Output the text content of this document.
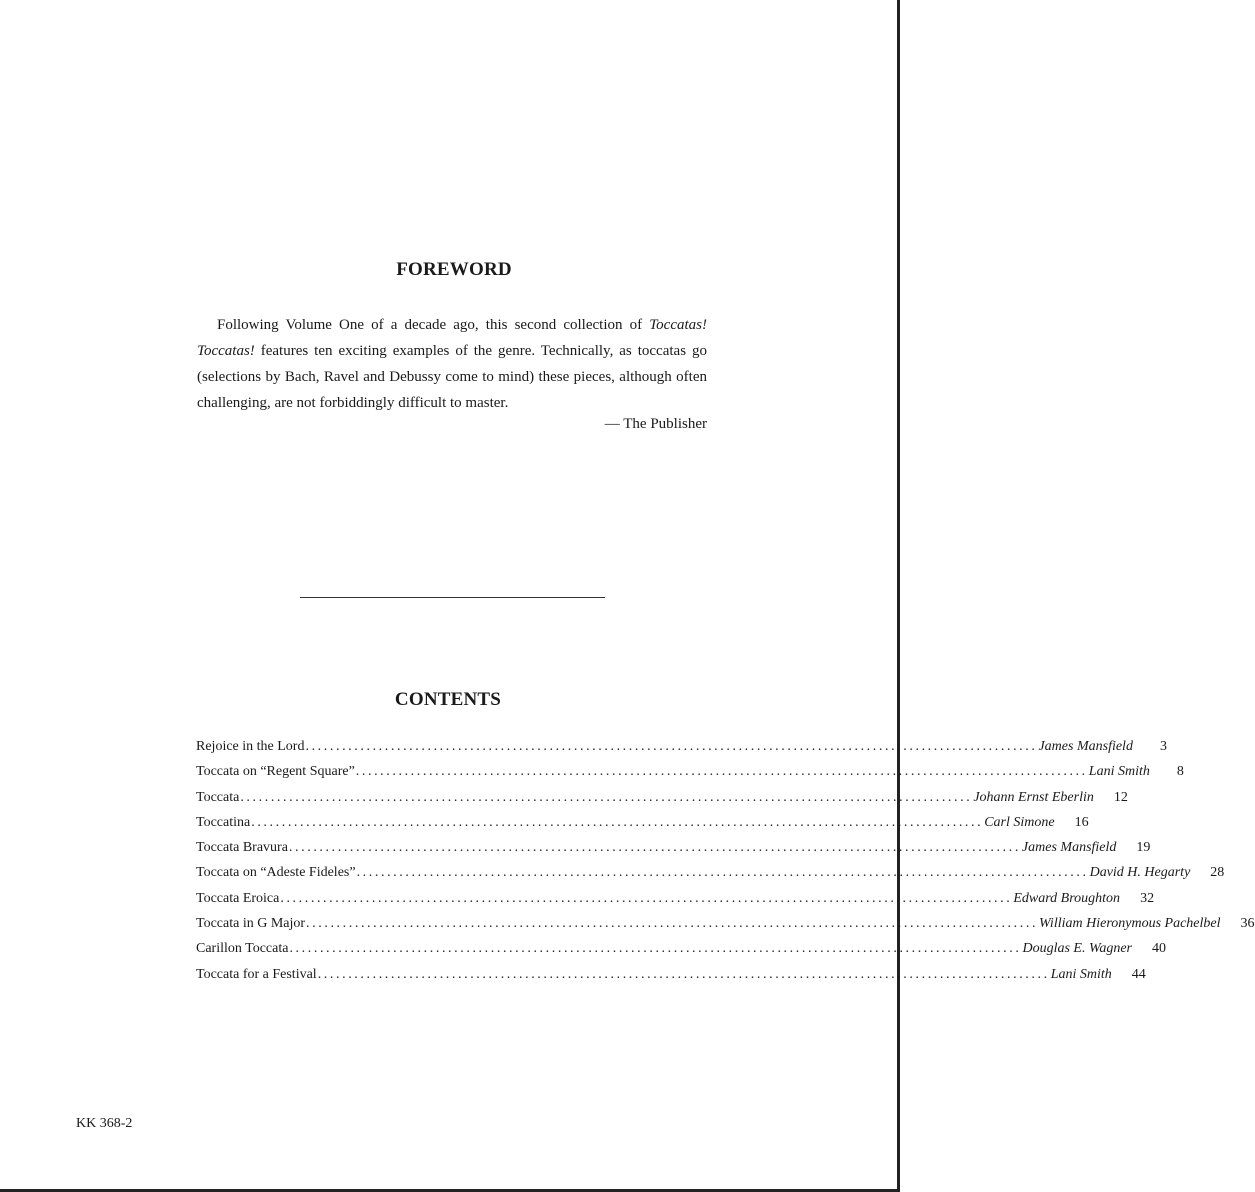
FOREWORD

Following Volume One of a decade ago, this second collection of Toccatas! Toccatas! features ten exciting examples of the genre. Technically, as toccatas go (selections by Bach, Ravel and Debussy come to mind) these pieces, although often challenging, are not forbiddingly difficult to master.

— The Publisher
CONTENTS
Rejoice in the Lord ........................................................................................................................ James Mansfield	3
Toccata on “Regent Square” ........................................................................................................................ Lani Smith	8
Toccata ........................................................................................................................ Johann Ernst Eberlin	12
Toccatina ........................................................................................................................ Carl Simone	16
Toccata Bravura ........................................................................................................................ James Mansfield	19
Toccata on “Adeste Fideles” ........................................................................................................................ David H. Hegarty	28
Toccata Eroica ........................................................................................................................ Edward Broughton	32
Toccata in G Major ........................................................................................................................ William Hieronymous Pachelbel	36
Carillon Toccata ........................................................................................................................ Douglas E. Wagner	40
Toccata for a Festival ........................................................................................................................ Lani Smith	44
KK 368-2
